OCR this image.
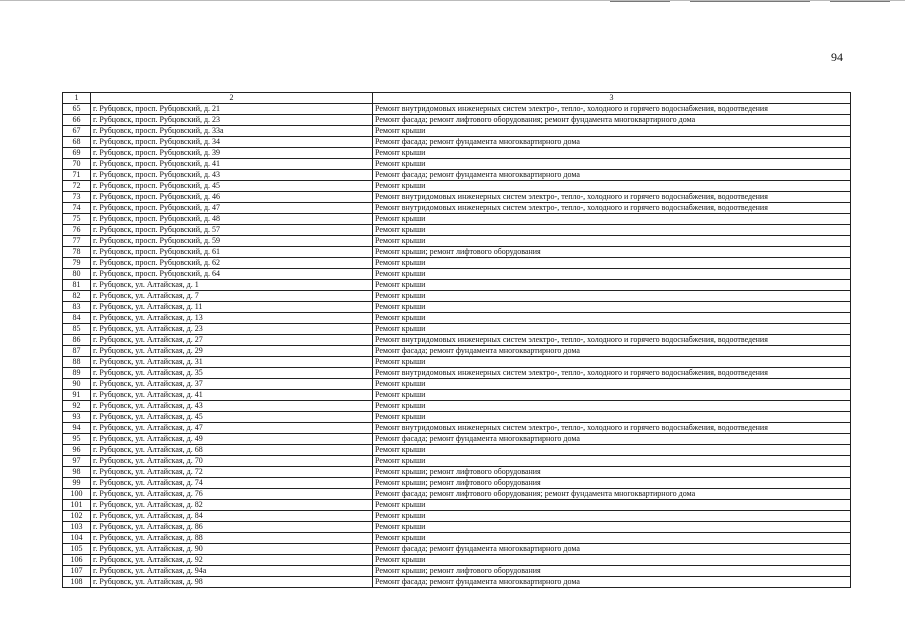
94
1	2	3
65	г. Рубцовск, просп. Рубцовский, д. 21	Ремонт внутридомовых инженерных систем электро-, тепло-, холодного и горячего водоснабжения, водоотведения
66	г. Рубцовск, просп. Рубцовский, д. 23	Ремонт фасада; ремонт лифтового оборудования; ремонт фундамента многоквартирного дома
67	г. Рубцовск, просп. Рубцовский, д. 33а	Ремонт крыши
68	г. Рубцовск, просп. Рубцовский, д. 34	Ремонт фасада; ремонт фундамента многоквартирного дома
69	г. Рубцовск, просп. Рубцовский, д. 39	Ремонт крыши
70	г. Рубцовск, просп. Рубцовский, д. 41	Ремонт крыши
71	г. Рубцовск, просп. Рубцовский, д. 43	Ремонт фасада; ремонт фундамента многоквартирного дома
72	г. Рубцовск, просп. Рубцовский, д. 45	Ремонт крыши
73	г. Рубцовск, просп. Рубцовский, д. 46	Ремонт внутридомовых инженерных систем электро-, тепло-, холодного и горячего водоснабжения, водоотведения
74	г. Рубцовск, просп. Рубцовский, д. 47	Ремонт внутридомовых инженерных систем электро-, тепло-, холодного и горячего водоснабжения, водоотведения
75	г. Рубцовск, просп. Рубцовский, д. 48	Ремонт крыши
76	г. Рубцовск, просп. Рубцовский, д. 57	Ремонт крыши
77	г. Рубцовск, просп. Рубцовский, д. 59	Ремонт крыши
78	г. Рубцовск, просп. Рубцовский, д. 61	Ремонт крыши; ремонт лифтового оборудования
79	г. Рубцовск, просп. Рубцовский, д. 62	Ремонт крыши
80	г. Рубцовск, просп. Рубцовский, д. 64	Ремонт крыши
81	г. Рубцовск, ул. Алтайская, д. 1	Ремонт крыши
82	г. Рубцовск, ул. Алтайская, д. 7	Ремонт крыши
83	г. Рубцовск, ул. Алтайская, д. 11	Ремонт крыши
84	г. Рубцовск, ул. Алтайская, д. 13	Ремонт крыши
85	г. Рубцовск, ул. Алтайская, д. 23	Ремонт крыши
86	г. Рубцовск, ул. Алтайская, д. 27	Ремонт внутридомовых инженерных систем электро-, тепло-, холодного и горячего водоснабжения, водоотведения
87	г. Рубцовск, ул. Алтайская, д. 29	Ремонт фасада; ремонт фундамента многоквартирного дома
88	г. Рубцовск, ул. Алтайская, д. 31	Ремонт крыши
89	г. Рубцовск, ул. Алтайская, д. 35	Ремонт внутридомовых инженерных систем электро-, тепло-, холодного и горячего водоснабжения, водоотведения
90	г. Рубцовск, ул. Алтайская, д. 37	Ремонт крыши
91	г. Рубцовск, ул. Алтайская, д. 41	Ремонт крыши
92	г. Рубцовск, ул. Алтайская, д. 43	Ремонт крыши
93	г. Рубцовск, ул. Алтайская, д. 45	Ремонт крыши
94	г. Рубцовск, ул. Алтайская, д. 47	Ремонт внутридомовых инженерных систем электро-, тепло-, холодного и горячего водоснабжения, водоотведения
95	г. Рубцовск, ул. Алтайская, д. 49	Ремонт фасада; ремонт фундамента многоквартирного дома
96	г. Рубцовск, ул. Алтайская, д. 68	Ремонт крыши
97	г. Рубцовск, ул. Алтайская, д. 70	Ремонт крыши
98	г. Рубцовск, ул. Алтайская, д. 72	Ремонт крыши; ремонт лифтового оборудования
99	г. Рубцовск, ул. Алтайская, д. 74	Ремонт крыши; ремонт лифтового оборудования
100	г. Рубцовск, ул. Алтайская, д. 76	Ремонт фасада; ремонт лифтового оборудования; ремонт фундамента многоквартирного дома
101	г. Рубцовск, ул. Алтайская, д. 82	Ремонт крыши
102	г. Рубцовск, ул. Алтайская, д. 84	Ремонт крыши
103	г. Рубцовск, ул. Алтайская, д. 86	Ремонт крыши
104	г. Рубцовск, ул. Алтайская, д. 88	Ремонт крыши
105	г. Рубцовск, ул. Алтайская, д. 90	Ремонт фасада; ремонт фундамента многоквартирного дома
106	г. Рубцовск, ул. Алтайская, д. 92	Ремонт крыши
107	г. Рубцовск, ул. Алтайская, д. 94а	Ремонт крыши; ремонт лифтового оборудования
108	г. Рубцовск, ул. Алтайская, д. 98	Ремонт фасада; ремонт фундамента многоквартирного дома
